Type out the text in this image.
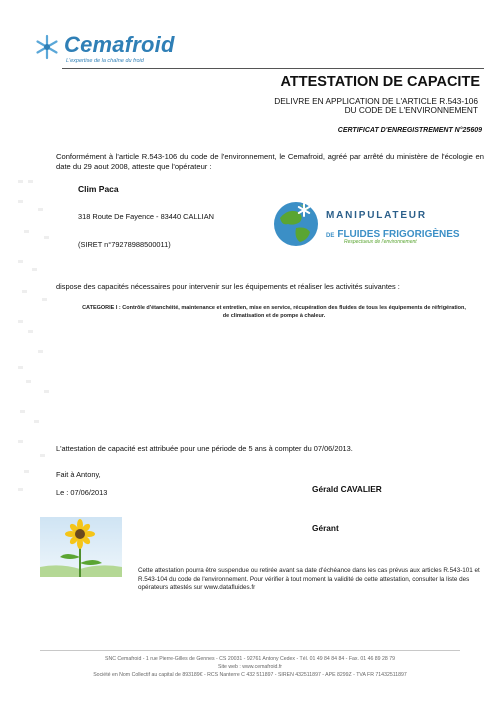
Cemafroid
L'expertise de la chaîne du froid
ATTESTATION DE CAPACITE
DELIVRE EN APPLICATION DE L'ARTICLE R.543-106
DU CODE DE L'ENVIRONNEMENT
CERTIFICAT D'ENREGISTREMENT N°25609
Conformément à l'article R.543-106 du code de l'environnement, le Cemafroid, agréé par arrêté du ministère de l'écologie en date du 29 aout 2008, atteste que l'opérateur :
Clim Paca
318 Route De Fayence - 83440 CALLIAN
(SIRET n°79278988500011)
MANIPULATEUR
DE FLUIDES FRIGORIGÈNES
Respectueux de l'environnement
dispose des capacités nécessaires pour intervenir sur les équipements et réaliser les activités suivantes :
CATEGORIE I : Contrôle d'étanchéité, maintenance et entretien, mise en service, récupération des fluides de tous les équipements de réfrigération, de climatisation et de pompe à chaleur.
L'attestation de capacité est attribuée pour une période de 5 ans à compter du 07/06/2013.
Fait à Antony,
Le : 07/06/2013	Gérald CAVALIER
Gérant
Cette attestation pourra être suspendue ou retirée avant sa date d'échéance dans les cas prévus aux articles R.543-101 et R.543-104 du code de l'environnement. Pour vérifier à tout moment la validité de cette attestation, consulter la liste des opérateurs attestés sur www.datafluides.fr
SNC Cemafroid - 1 rue Pierre-Gilles de Gennes - CS 20031 - 92761 Antony Cedex - Tél. 01 49 84 84 84 - Fax. 01 46 89 28 79
Site web : www.cemafroid.fr
Société en Nom Collectif au capital de 893189€ - RCS Nanterre C 432 511897 - SIREN 432511897 - APE 8299Z - TVA FR 71432511897
